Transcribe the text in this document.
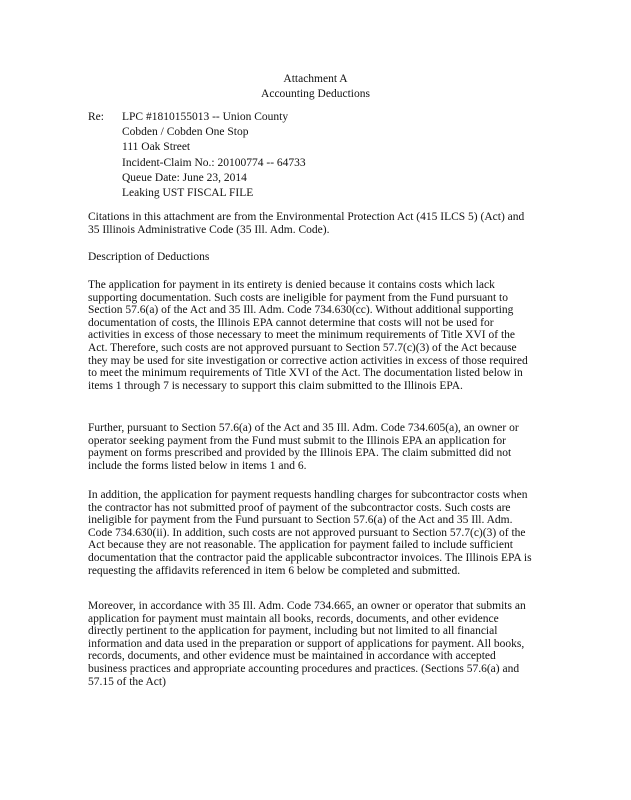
Attachment A
Accounting Deductions
Re: LPC #1810155013 -- Union County
Cobden / Cobden One Stop
111 Oak Street
Incident-Claim No.: 20100774 -- 64733
Queue Date: June 23, 2014
Leaking UST FISCAL FILE
Citations in this attachment are from the Environmental Protection Act (415 ILCS 5) (Act) and
35 Illinois Administrative Code (35 Ill. Adm. Code).
Description of Deductions
The application for payment in its entirety is denied because it contains costs which lack
supporting documentation. Such costs are ineligible for payment from the Fund pursuant to
Section 57.6(a) of the Act and 35 Ill. Adm. Code 734.630(cc). Without additional supporting
documentation of costs, the Illinois EPA cannot determine that costs will not be used for
activities in excess of those necessary to meet the minimum requirements of Title XVI of the
Act. Therefore, such costs are not approved pursuant to Section 57.7(c)(3) of the Act because
they may be used for site investigation or corrective action activities in excess of those required
to meet the minimum requirements of Title XVI of the Act. The documentation listed below in
items 1 through 7 is necessary to support this claim submitted to the Illinois EPA.
Further, pursuant to Section 57.6(a) of the Act and 35 Ill. Adm. Code 734.605(a), an owner or
operator seeking payment from the Fund must submit to the Illinois EPA an application for
payment on forms prescribed and provided by the Illinois EPA. The claim submitted did not
include the forms listed below in items 1 and 6.
In addition, the application for payment requests handling charges for subcontractor costs when
the contractor has not submitted proof of payment of the subcontractor costs. Such costs are
ineligible for payment from the Fund pursuant to Section 57.6(a) of the Act and 35 Ill. Adm.
Code 734.630(ii). In addition, such costs are not approved pursuant to Section 57.7(c)(3) of the
Act because they are not reasonable. The application for payment failed to include sufficient
documentation that the contractor paid the applicable subcontractor invoices. The Illinois EPA is
requesting the affidavits referenced in item 6 below be completed and submitted.
Moreover, in accordance with 35 Ill. Adm. Code 734.665, an owner or operator that submits an
application for payment must maintain all books, records, documents, and other evidence
directly pertinent to the application for payment, including but not limited to all financial
information and data used in the preparation or support of applications for payment. All books,
records, documents, and other evidence must be maintained in accordance with accepted
business practices and appropriate accounting procedures and practices. (Sections 57.6(a) and
57.15 of the Act)
